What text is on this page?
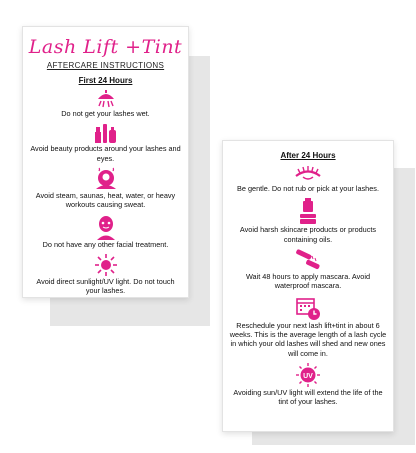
Lash Lift +Tint
AFTERCARE INSTRUCTIONS
First 24 Hours
Do not get your lashes wet.
Avoid beauty products around your lashes and eyes.
Avoid steam, saunas, heat, water, or heavy workouts causing sweat.
Do not have any other facial treatment.
Avoid direct sunlight/UV light. Do not touch your lashes.
After 24 Hours
Be gentle. Do not rub or pick at your lashes.
Avoid harsh skincare products or products containing oils.
Wait 48 hours to apply mascara. Avoid waterproof mascara.
Reschedule your next lash lift+tint in about 6 weeks. This is the average length of a lash cycle in which your old lashes will shed and new ones will come in.
UV
Avoiding sun/UV light will extend the life of the tint of your lashes.
